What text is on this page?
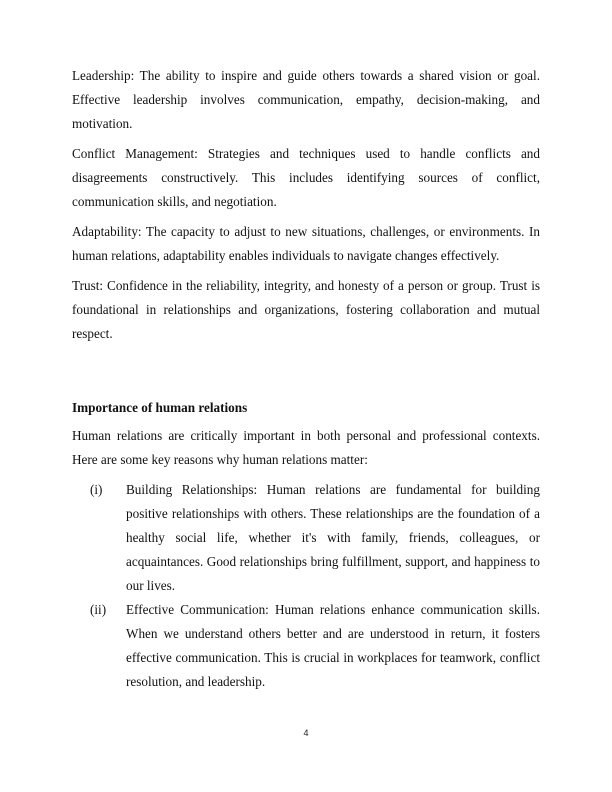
Leadership: The ability to inspire and guide others towards a shared vision or goal. Effective leadership involves communication, empathy, decision-making, and motivation.

Conflict Management: Strategies and techniques used to handle conflicts and disagreements constructively. This includes identifying sources of conflict, communication skills, and negotiation.

Adaptability: The capacity to adjust to new situations, challenges, or environments. In human relations, adaptability enables individuals to navigate changes effectively.

Trust: Confidence in the reliability, integrity, and honesty of a person or group. Trust is foundational in relationships and organizations, fostering collaboration and mutual respect.

Importance of human relations

Human relations are critically important in both personal and professional contexts. Here are some key reasons why human relations matter:

(i)	Building Relationships: Human relations are fundamental for building positive relationships with others. These relationships are the foundation of a healthy social life, whether it's with family, friends, colleagues, or acquaintances. Good relationships bring fulfillment, support, and happiness to our lives.
(ii)	Effective Communication: Human relations enhance communication skills. When we understand others better and are understood in return, it fosters effective communication. This is crucial in workplaces for teamwork, conflict resolution, and leadership.
4
